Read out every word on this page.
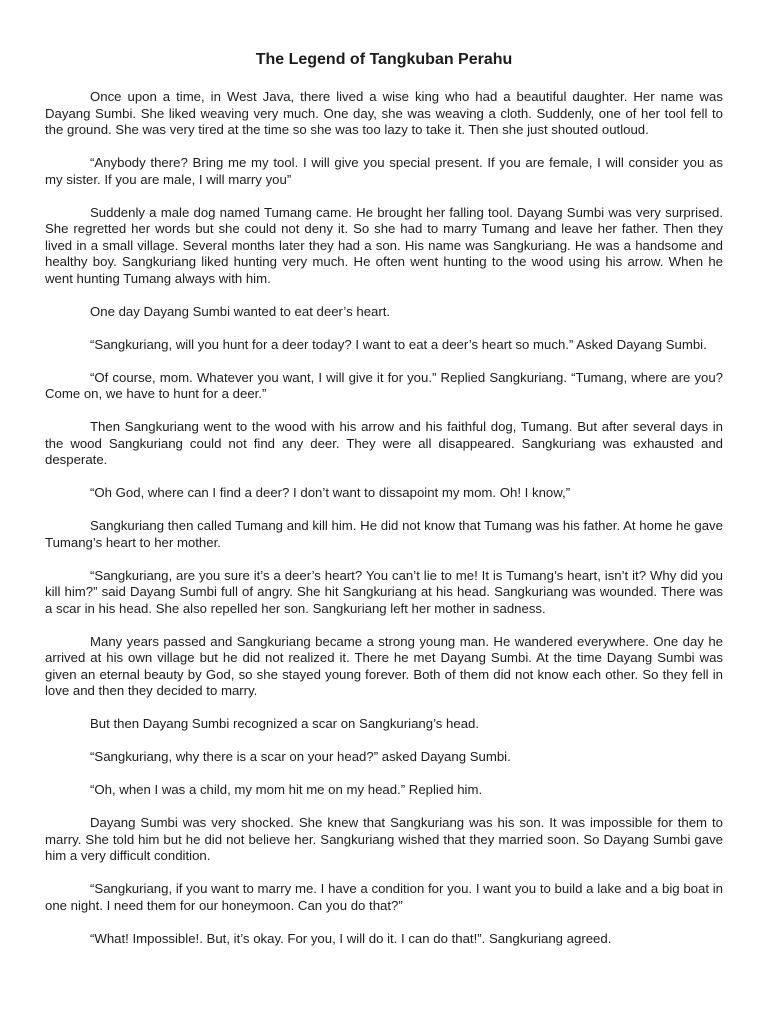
The Legend of Tangkuban Perahu

Once upon a time, in West Java, there lived a wise king who had a beautiful daughter. Her name was Dayang Sumbi. She liked weaving very much. One day, she was weaving a cloth. Suddenly, one of her tool fell to the ground. She was very tired at the time so she was too lazy to take it. Then she just shouted outloud.

“Anybody there? Bring me my tool. I will give you special present. If you are female, I will consider you as my sister. If you are male, I will marry you”

Suddenly a male dog named Tumang came. He brought her falling tool. Dayang Sumbi was very surprised. She regretted her words but she could not deny it. So she had to marry Tumang and leave her father. Then they lived in a small village. Several months later they had a son. His name was Sangkuriang. He was a handsome and healthy boy. Sangkuriang liked hunting very much. He often went hunting to the wood using his arrow. When he went hunting Tumang always with him.

One day Dayang Sumbi wanted to eat deer’s heart.

“Sangkuriang, will you hunt for a deer today? I want to eat a deer’s heart so much.” Asked Dayang Sumbi.

“Of course, mom. Whatever you want, I will give it for you.” Replied Sangkuriang. “Tumang, where are you? Come on, we have to hunt for a deer.”

Then Sangkuriang went to the wood with his arrow and his faithful dog, Tumang. But after several days in the wood Sangkuriang could not find any deer. They were all disappeared. Sangkuriang was exhausted and desperate.

“Oh God, where can I find a deer? I don’t want to dissapoint my mom. Oh! I know,”

Sangkuriang then called Tumang and kill him. He did not know that Tumang was his father. At home he gave Tumang’s heart to her mother.

“Sangkuriang, are you sure it’s a deer’s heart? You can’t lie to me! It is Tumang’s heart, isn’t it? Why did you kill him?” said Dayang Sumbi full of angry. She hit Sangkuriang at his head. Sangkuriang was wounded. There was a scar in his head. She also repelled her son. Sangkuriang left her mother in sadness.

Many years passed and Sangkuriang became a strong young man. He wandered everywhere. One day he arrived at his own village but he did not realized it. There he met Dayang Sumbi. At the time Dayang Sumbi was given an eternal beauty by God, so she stayed young forever. Both of them did not know each other. So they fell in love and then they decided to marry.

But then Dayang Sumbi recognized a scar on Sangkuriang’s head.

“Sangkuriang, why there is a scar on your head?” asked Dayang Sumbi.

“Oh, when I was a child, my mom hit me on my head.” Replied him.

Dayang Sumbi was very shocked. She knew that Sangkuriang was his son. It was impossible for them to marry. She told him but he did not believe her. Sangkuriang wished that they married soon. So Dayang Sumbi gave him a very difficult condition.

“Sangkuriang, if you want to marry me. I have a condition for you. I want you to build a lake and a big boat in one night. I need them for our honeymoon. Can you do that?”

“What! Impossible!. But, it’s okay. For you, I will do it. I can do that!”. Sangkuriang agreed.
